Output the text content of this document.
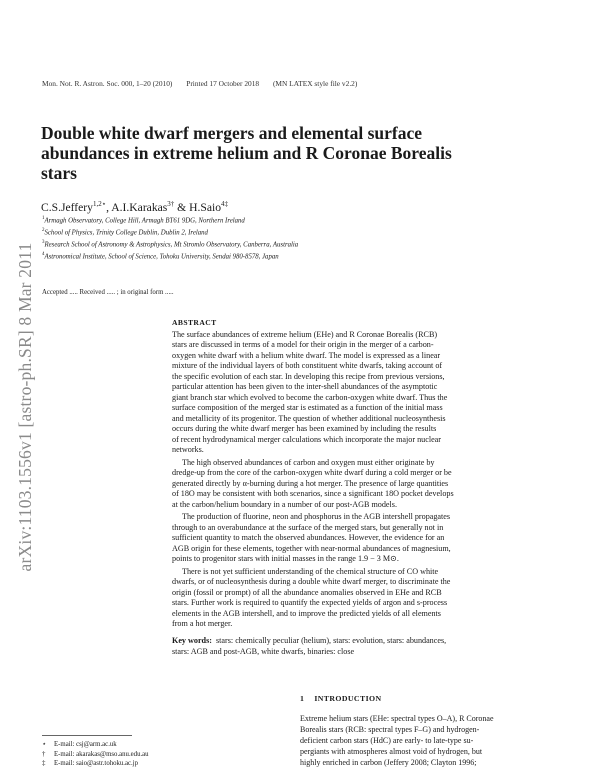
arXiv:1103.1556v1 [astro-ph.SR] 8 Mar 2011
Mon. Not. R. Astron. Soc. 000, 1–20 (2010) Printed 17 October 2018 (MN LATEX style file v2.2)
Double white dwarf mergers and elemental surface
abundances in extreme helium and R Coronae Borealis
stars
C.S.Jeffery$^{1,2⋆}$, A.I.Karakas$^{3\dagger}$ & H.Saio$^{4\ddagger}$
$^1$Armagh Observatory, College Hill, Armagh BT61 9DG, Northern Ireland
$^2$School of Physics, Trinity College Dublin, Dublin 2, Ireland
$^3$Research School of Astronomy & Astrophysics, Mt Stromlo Observatory, Canberra, Australia
$^4$Astronomical Institute, School of Science, Tohoku University, Sendai 980-8578, Japan
Accepted ..... Received ..... ; in original form .....
ABSTRACT

The surface abundances of extreme helium (EHe) and R Coronae Borealis (RCB)
stars are discussed in terms of a model for their origin in the merger of a carbon-
oxygen white dwarf with a helium white dwarf. The model is expressed as a linear
mixture of the individual layers of both constituent white dwarfs, taking account of
the specific evolution of each star. In developing this recipe from previous versions,
particular attention has been given to the inter-shell abundances of the asymptotic
giant branch star which evolved to become the carbon-oxygen white dwarf. Thus the
surface composition of the merged star is estimated as a function of the initial mass
and metallicity of its progenitor. The question of whether additional nucleosynthesis
occurs during the white dwarf merger has been examined by including the results
of recent hydrodynamical merger calculations which incorporate the major nuclear
networks.

The high observed abundances of carbon and oxygen must either originate by
dredge-up from the core of the carbon-oxygen white dwarf during a cold merger or be
generated directly by α-burning during a hot merger. The presence of large quantities
of 18O may be consistent with both scenarios, since a significant 18O pocket develops
at the carbon/helium boundary in a number of our post-AGB models.

The production of fluorine, neon and phosphorus in the AGB intershell propagates
through to an overabundance at the surface of the merged stars, but generally not in
sufficient quantity to match the observed abundances. However, the evidence for an
AGB origin for these elements, together with near-normal abundances of magnesium,
points to progenitor stars with initial masses in the range 1.9 − 3 M⊙.

There is not yet sufficient understanding of the chemical structure of CO white
dwarfs, or of nucleosynthesis during a double white dwarf merger, to discriminate the
origin (fossil or prompt) of all the abundance anomalies observed in EHe and RCB
stars. Further work is required to quantify the expected yields of argon and s-process
elements in the AGB intershell, and to improve the predicted yields of all elements
from a hot merger.

Key words: stars: chemically peculiar (helium), stars: evolution, stars: abundances,
stars: AGB and post-AGB, white dwarfs, binaries: close
1 INTRODUCTION
Extreme helium stars (EHe: spectral types O–A), R Coronae
Borealis stars (RCB: spectral types F–G) and hydrogen-
deficient carbon stars (HdC) are early- to late-type su-
pergiants with atmospheres almost void of hydrogen, but
highly enriched in carbon (Jeffery 2008; Clayton 1996;
⋆ E-mail: csj@arm.ac.uk
† E-mail: akarakas@mso.anu.edu.au
‡ E-mail: saio@astr.tohoku.ac.jp
